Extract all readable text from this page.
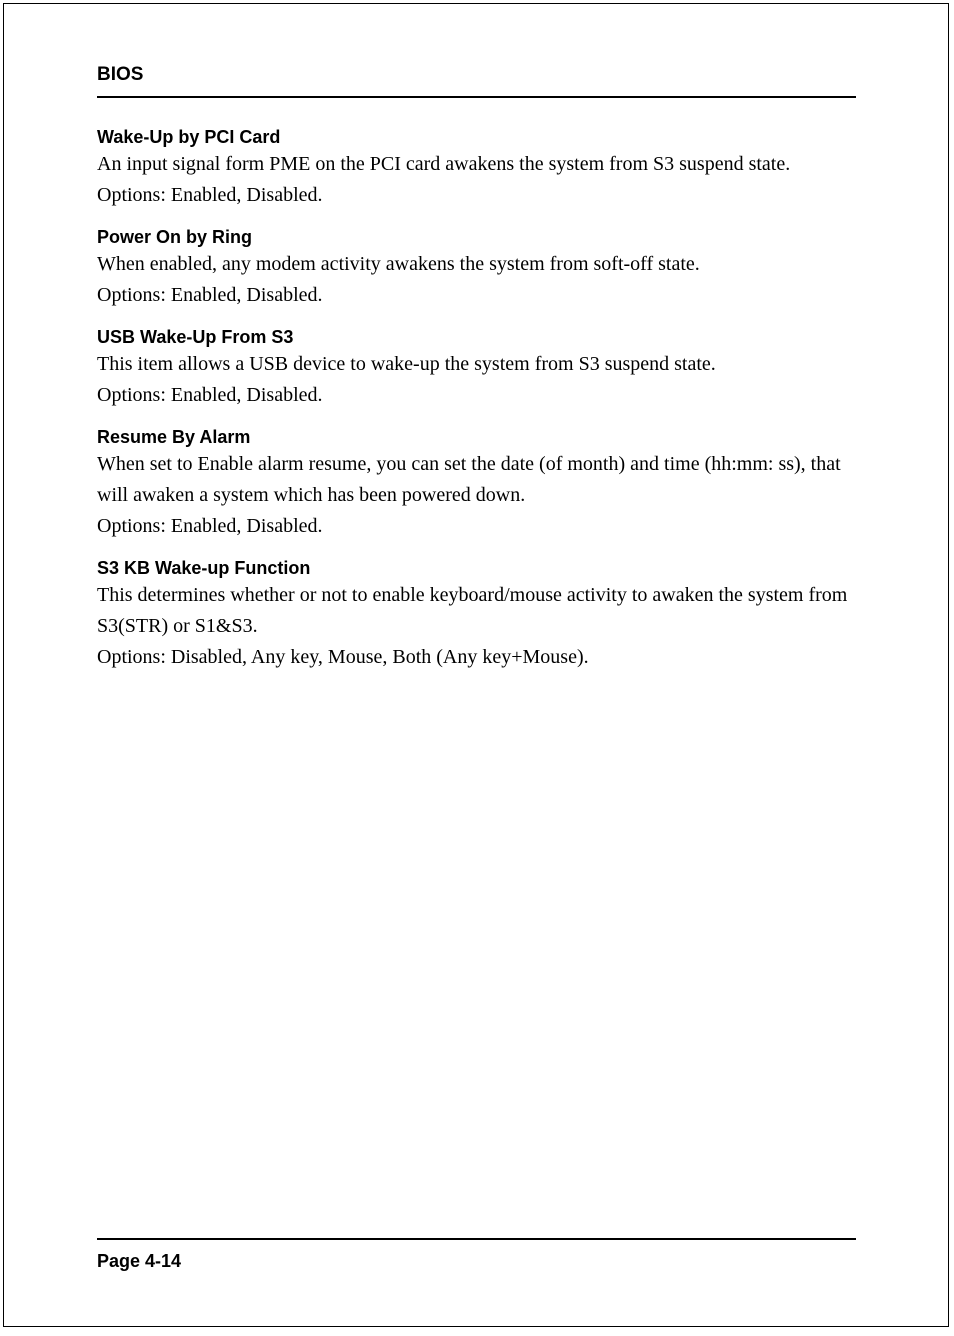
BIOS
Wake-Up by PCI Card

An input signal form PME on the PCI card awakens the system from S3 suspend state.

Options: Enabled, Disabled.

Power On by Ring

When enabled, any modem activity awakens the system from soft-off state.

Options: Enabled, Disabled.

USB Wake-Up From S3

This item allows a USB device to wake-up the system from S3 suspend state.

Options: Enabled, Disabled.

Resume By Alarm

When set to Enable alarm resume, you can set the date (of month) and time (hh:mm: ss), that will awaken a system which has been powered down.

Options: Enabled, Disabled.

S3 KB Wake-up Function

This determines whether or not to enable keyboard/mouse activity to awaken the system from S3(STR) or S1&S3.

Options: Disabled, Any key, Mouse, Both (Any key+Mouse).

Page 4-14
